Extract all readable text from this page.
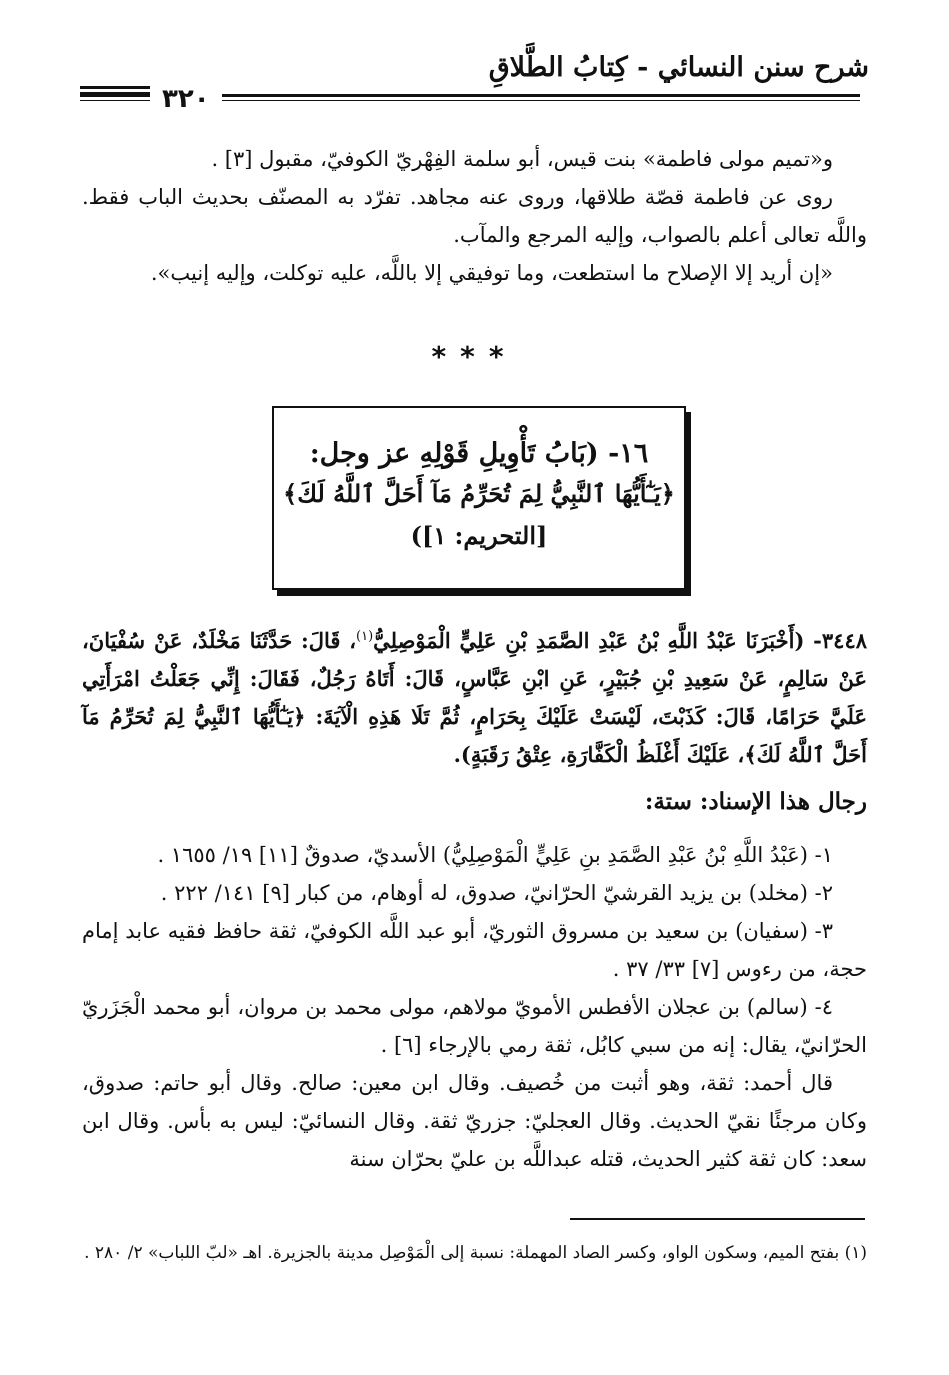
شرح سنن النسائي - كِتابُ الطَّلاقِ
٣٢٠

و«تميم مولى فاطمة» بنت قيس، أبو سلمة الفِهْريّ الكوفيّ، مقبول [٣] .

روى عن فاطمة قصّة طلاقها، وروى عنه مجاهد. تفرّد به المصنّف بحديث الباب فقط. واللَّه تعالى أعلم بالصواب، وإليه المرجع والمآب.

«إن أريد إلا الإصلاح ما استطعت، وما توفيقي إلا باللَّه، عليه توكلت، وإليه إنيب».

***
١٦- (بَابُ تَأْوِيلِ قَوْلِهِ عز وجل:
﴿يَـٰٓأَيُّهَا ٱلنَّبِيُّ لِمَ تُحَرِّمُ مَآ أَحَلَّ ٱللَّهُ لَكَ﴾
[التحريم: ١])
٣٤٤٨- (أَخْبَرَنَا عَبْدُ اللَّهِ بْنُ عَبْدِ الصَّمَدِ بْنِ عَلِيٍّ الْمَوْصِلِيُّ$^{(١)}$، قَالَ: حَدَّثَنَا مَخْلَدٌ، عَنْ سُفْيَانَ، عَنْ سَالِمٍ، عَنْ سَعِيدِ بْنِ جُبَيْرٍ، عَنِ ابْنِ عَبَّاسٍ، قَالَ: أَتَاهُ رَجُلٌ، فَقَالَ: إِنِّي جَعَلْتُ امْرَأَتِي عَلَيَّ حَرَامًا، قَالَ: كَذَبْتَ، لَيْسَتْ عَلَيْكَ بِحَرَامٍ، ثُمَّ تَلَا هَذِهِ الْآيَةَ: ﴿يَـٰٓأَيُّهَا ٱلنَّبِيُّ لِمَ تُحَرِّمُ مَآ أَحَلَّ ٱللَّهُ لَكَ﴾، عَلَيْكَ أَغْلَظُ الْكَفَّارَةِ، عِتْقُ رَقَبَةٍ).
رجال هذا الإسناد: ستة:

١- (عَبْدُ اللَّهِ بْنُ عَبْدِ الصَّمَدِ بنِ عَلِيٍّ الْمَوْصِلِيُّ) الأسديّ، صدوقٌ [١١] ١٩/ ١٦٥٥ .

٢- (مخلد) بن يزيد القرشيّ الحرّانيّ، صدوق، له أوهام، من كبار [٩] ١٤١/ ٢٢٢ .

٣- (سفيان) بن سعيد بن مسروق الثوريّ، أبو عبد اللَّه الكوفيّ، ثقة حافظ فقيه عابد إمام حجة، من رءوس [٧] ٣٣/ ٣٧ .

٤- (سالم) بن عجلان الأفطس الأمويّ مولاهم، مولى محمد بن مروان، أبو محمد الْجَزَريّ الحرّانيّ، يقال: إنه من سبي كابُل، ثقة رمي بالإرجاء [٦] .

قال أحمد: ثقة، وهو أثبت من خُصيف. وقال ابن معين: صالح. وقال أبو حاتم: صدوق، وكان مرجئًا نقيّ الحديث. وقال العجليّ: جزريّ ثقة. وقال النسائيّ: ليس به بأس. وقال ابن سعد: كان ثقة كثير الحديث، قتله عبداللَّه بن عليّ بحرّان سنة

(١) بفتح الميم، وسكون الواو، وكسر الصاد المهملة: نسبة إلى الْمَوْصِل مدينة بالجزيرة. اهـ «لبّ اللباب» ٢/ ٢٨٠ .
